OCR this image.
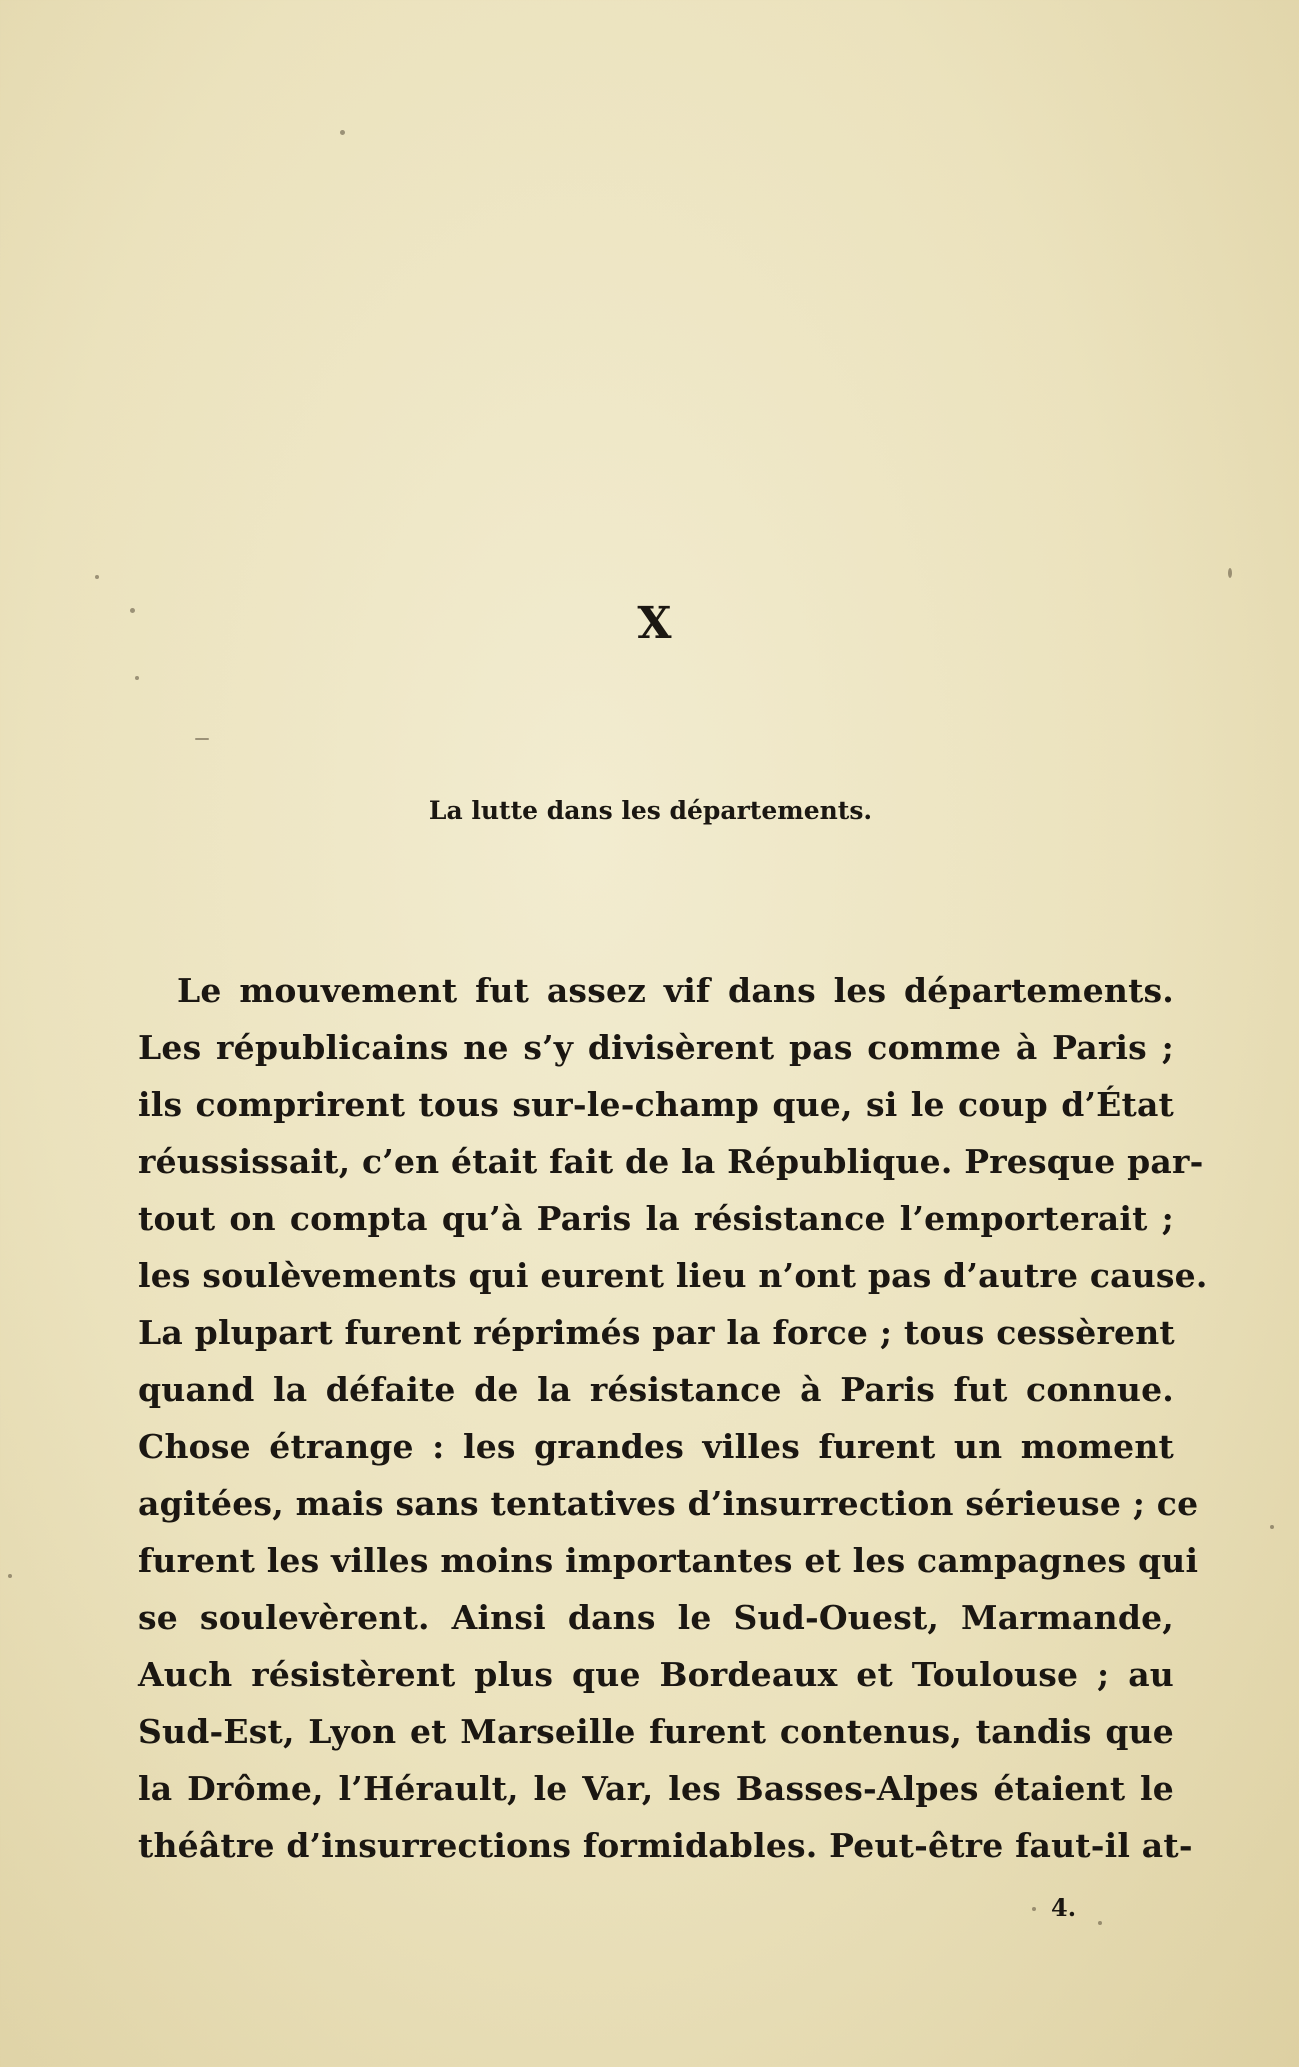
X
La lutte dans les départements.
Le mouvement fut assez vif dans les départements.
Les républicains ne s’y divisèrent pas comme à Paris ;
ils comprirent tous sur-le-champ que, si le coup d’État
réussissait, c’en était fait de la République. Presque par-
tout on compta qu’à Paris la résistance l’emporterait ;
les soulèvements qui eurent lieu n’ont pas d’autre cause.
La plupart furent réprimés par la force ; tous cessèrent
quand la défaite de la résistance à Paris fut connue.
Chose étrange : les grandes villes furent un moment
agitées, mais sans tentatives d’insurrection sérieuse ; ce
furent les villes moins importantes et les campagnes qui
se soulevèrent. Ainsi dans le Sud-Ouest, Marmande,
Auch résistèrent plus que Bordeaux et Toulouse ; au
Sud-Est, Lyon et Marseille furent contenus, tandis que
la Drôme, l’Hérault, le Var, les Basses-Alpes étaient le
théâtre d’insurrections formidables. Peut-être faut-il at-
4.
